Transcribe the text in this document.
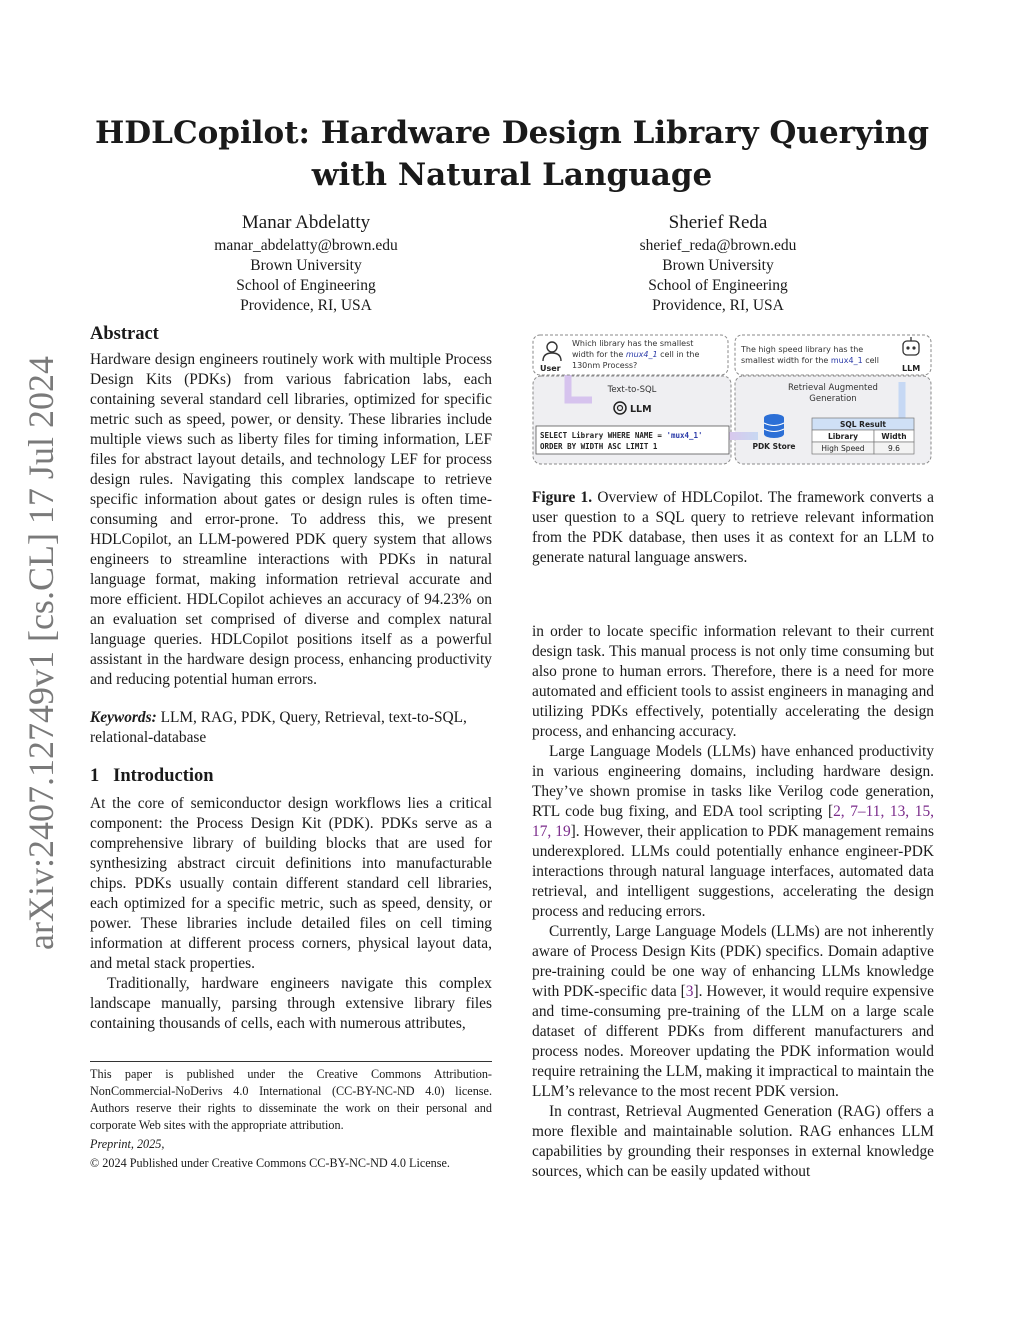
HDLCopilot: Hardware Design Library Querying with Natural Language
arXiv:2407.12749v1 [cs.CL] 17 Jul 2024
Manar Abdelatty
manar_abdelatty@brown.edu
Brown University
School of Engineering
Providence, RI, USA
Sherief Reda
sherief_reda@brown.edu
Brown University
School of Engineering
Providence, RI, USA
Abstract

Hardware design engineers routinely work with multiple Process Design Kits (PDKs) from various fabrication labs, each containing several standard cell libraries, optimized for specific metric such as speed, power, or density. These libraries include multiple views such as liberty files for timing information, LEF files for abstract layout details, and technology LEF for process design rules. Navigating this complex landscape to retrieve specific information about gates or design rules is often time-consuming and error-prone. To address this, we present HDLCopilot, an LLM-powered PDK query system that allows engineers to streamline interactions with PDKs in natural language format, making information retrieval accurate and more efficient. HDLCopilot achieves an accuracy of 94.23% on an evaluation set comprised of diverse and complex natural language queries. HDLCopilot positions itself as a powerful assistant in the hardware design process, enhancing productivity and reducing potential human errors.

Keywords: LLM, RAG, PDK, Query, Retrieval, text-to-SQL, relational-database

1 Introduction

At the core of semiconductor design workflows lies a critical component: the Process Design Kit (PDK). PDKs serve as a comprehensive library of building blocks that are used for synthesizing abstract circuit definitions into manufacturable chips. PDKs usually contain different standard cell libraries, each optimized for a specific metric, such as speed, density, or power. These libraries include detailed files on cell timing information at different process corners, physical layout data, and metal stack properties.

Traditionally, hardware engineers navigate this complex landscape manually, parsing through extensive library files containing thousands of cells, each with numerous attributes,

This paper is published under the Creative Commons Attribution-NonCommercial-NoDerivs 4.0 International (CC-BY-NC-ND 4.0) license. Authors reserve their rights to disseminate the work on their personal and corporate Web sites with the appropriate attribution.
Preprint, 2025,
© 2024 Published under Creative Commons CC-BY-NC-ND 4.0 License.
User
Which library has the smallest
width for the mux4_1 cell in the
130nm Process?
The high speed library has the
smallest width for the mux4_1 cell
LLM
Text-to-SQL
LLM
SELECT Library WHERE NAME = 'mux4_1'
ORDER BY WIDTH ASC LIMIT 1
Retrieval Augmented
Generation
PDK Store
SQL Result
Library	Width
High Speed	9.6
Figure 1. Overview of HDLCopilot. The framework converts a user question to a SQL query to retrieve relevant information from the PDK database, then uses it as context for an LLM to generate natural language answers.

in order to locate specific information relevant to their current design task. This manual process is not only time consuming but also prone to human errors. Therefore, there is a need for more automated and efficient tools to assist engineers in managing and utilizing PDKs effectively, potentially accelerating the design process, and enhancing accuracy.

Large Language Models (LLMs) have enhanced productivity in various engineering domains, including hardware design. They’ve shown promise in tasks like Verilog code generation, RTL code bug fixing, and EDA tool scripting [2, 7–11, 13, 15, 17, 19]. However, their application to PDK management remains underexplored. LLMs could potentially enhance engineer-PDK interactions through natural language interfaces, automated data retrieval, and intelligent suggestions, accelerating the design process and reducing errors.

Currently, Large Language Models (LLMs) are not inherently aware of Process Design Kits (PDK) specifics. Domain adaptive pre-training could be one way of enhancing LLMs knowledge with PDK-specific data [3]. However, it would require expensive and time-consuming pre-training of the LLM on a large scale dataset of different PDKs from different manufacturers and process nodes. Moreover updating the PDK information would require retraining the LLM, making it impractical to maintain the LLM’s relevance to the most recent PDK version.

In contrast, Retrieval Augmented Generation (RAG) offers a more flexible and maintainable solution. RAG enhances LLM capabilities by grounding their responses in external knowledge sources, which can be easily updated without
